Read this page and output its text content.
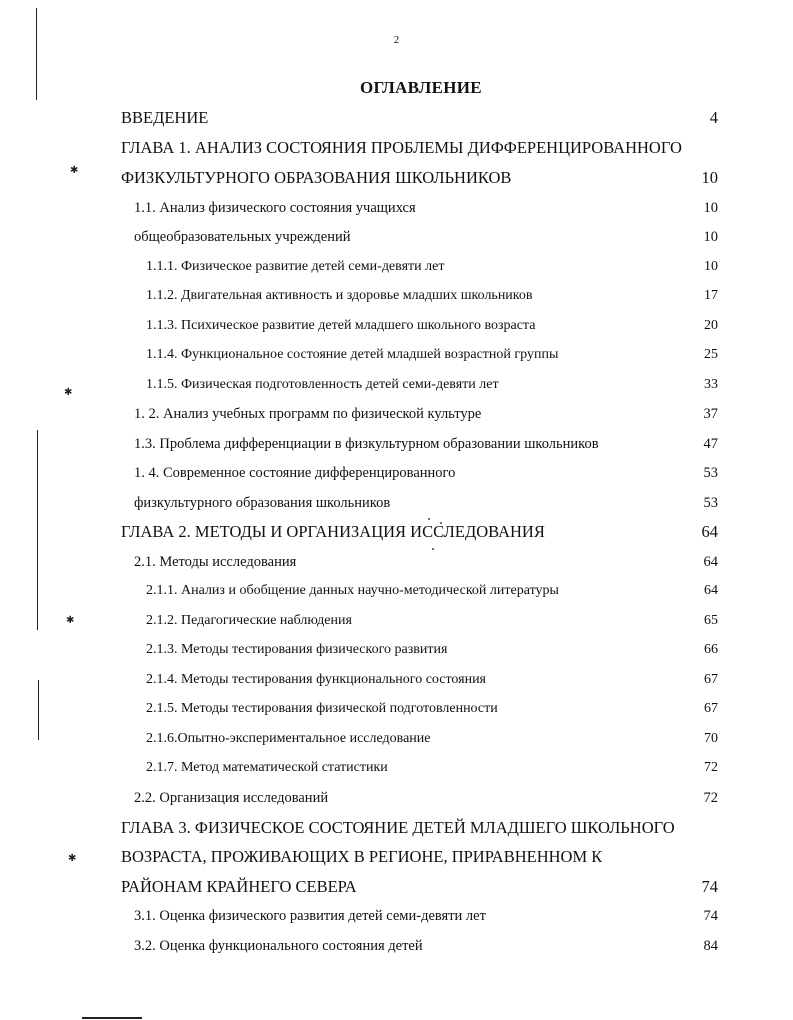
✱
✱
✱
✱
2
ОГЛАВЛЕНИЕ
ВВЕДЕНИЕ	4
ГЛАВА 1. АНАЛИЗ СОСТОЯНИЯ ПРОБЛЕМЫ ДИФФЕРЕНЦИРОВАННОГО
ФИЗКУЛЬТУРНОГО ОБРАЗОВАНИЯ ШКОЛЬНИКОВ	10
1.1. Анализ физического состояния учащихся	10
общеобразовательных учреждений	10
1.1.1. Физическое развитие детей семи-девяти лет	10
1.1.2. Двигательная активность и здоровье младших школьников	17
1.1.3. Психическое развитие детей младшего школьного возраста	20
1.1.4. Функциональное состояние детей младшей возрастной группы	25
1.1.5. Физическая подготовленность детей семи-девяти лет	33
1. 2. Анализ учебных программ по физической культуре	37
1.3. Проблема дифференциации в физкультурном образовании школьников	47
1. 4. Современное состояние дифференцированного	53
физкультурного образования школьников	53
ГЛАВА 2. МЕТОДЫ И ОРГАНИЗАЦИЯ ИССЛЕДОВАНИЯ	64
2.1. Методы исследования	64
2.1.1. Анализ и обобщение данных научно-методической литературы	64
2.1.2. Педагогические наблюдения	65
2.1.3. Методы тестирования физического развития	66
2.1.4. Методы тестирования функционального состояния	67
2.1.5. Методы тестирования физической подготовленности	67
2.1.6.Опытно-экспериментальное исследование	70
2.1.7. Метод математической статистики	72
2.2. Организация исследований	72
ГЛАВА 3. ФИЗИЧЕСКОЕ СОСТОЯНИЕ ДЕТЕЙ МЛАДШЕГО ШКОЛЬНОГО
ВОЗРАСТА, ПРОЖИВАЮЩИХ В РЕГИОНЕ, ПРИРАВНЕННОМ К
РАЙОНАМ КРАЙНЕГО СЕВЕРА	74
3.1. Оценка физического развития детей семи-девяти лет	74
3.2. Оценка функционального состояния детей	84
